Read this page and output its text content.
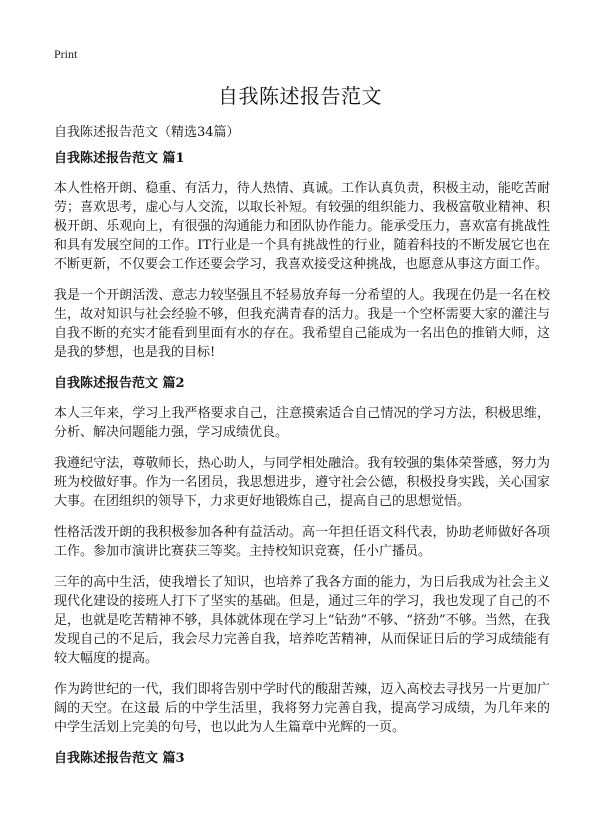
Print
自我陈述报告范文

自我陈述报告范文（精选34篇）

自我陈述报告范文 篇1

本人性格开朗、稳重、有活力，待人热情、真诚。工作认真负责，积极主动，能吃苦耐劳；喜欢思考，虚心与人交流，以取长补短。有较强的组织能力、我极富敬业精神、积极开朗、乐观向上，有很强的沟通能力和团队协作能力。能承受压力，喜欢富有挑战性和具有发展空间的工作。IT行业是一个具有挑战性的行业，随着科技的不断发展它也在不断更新，不仅要会工作还要会学习，我喜欢接受这种挑战，也愿意从事这方面工作。

我是一个开朗活泼、意志力较坚强且不轻易放弃每一分希望的人。我现在仍是一名在校生，故对知识与社会经验不够，但我充满青春的活力。我是一个空杯需要大家的灌注与自我不断的充实才能看到里面有水的存在。我希望自己能成为一名出色的推销大师，这是我的梦想，也是我的目标!

自我陈述报告范文 篇2

本人三年来，学习上我严格要求自己，注意摸索适合自己情况的学习方法，积极思维，分析、解决问题能力强，学习成绩优良。

我遵纪守法，尊敬师长，热心助人，与同学相处融洽。我有较强的集体荣誉感，努力为班为校做好事。作为一名团员，我思想进步，遵守社会公德，积极投身实践，关心国家大事。在团组织的领导下，力求更好地锻炼自己，提高自己的思想觉悟。

性格活泼开朗的我积极参加各种有益活动。高一年担任语文科代表，协助老师做好各项工作。参加市演讲比赛获三等奖。主持校知识竞赛，任小广播员。

三年的高中生活，使我增长了知识，也培养了我各方面的能力，为日后我成为社会主义现代化建设的接班人打下了坚实的基础。但是，通过三年的学习，我也发现了自己的不足，也就是吃苦精神不够，具体就体现在学习上“钻劲”不够、“挤劲”不够。当然，在我发现自己的不足后，我会尽力完善自我，培养吃苦精神，从而保证日后的学习成绩能有较大幅度的提高。

作为跨世纪的一代，我们即将告别中学时代的酸甜苦辣，迈入高校去寻找另一片更加广阔的天空。在这最 后的中学生活里，我将努力完善自我，提高学习成绩，为几年来的中学生活划上完美的句号，也以此为人生篇章中光辉的一页。

自我陈述报告范文 篇3
